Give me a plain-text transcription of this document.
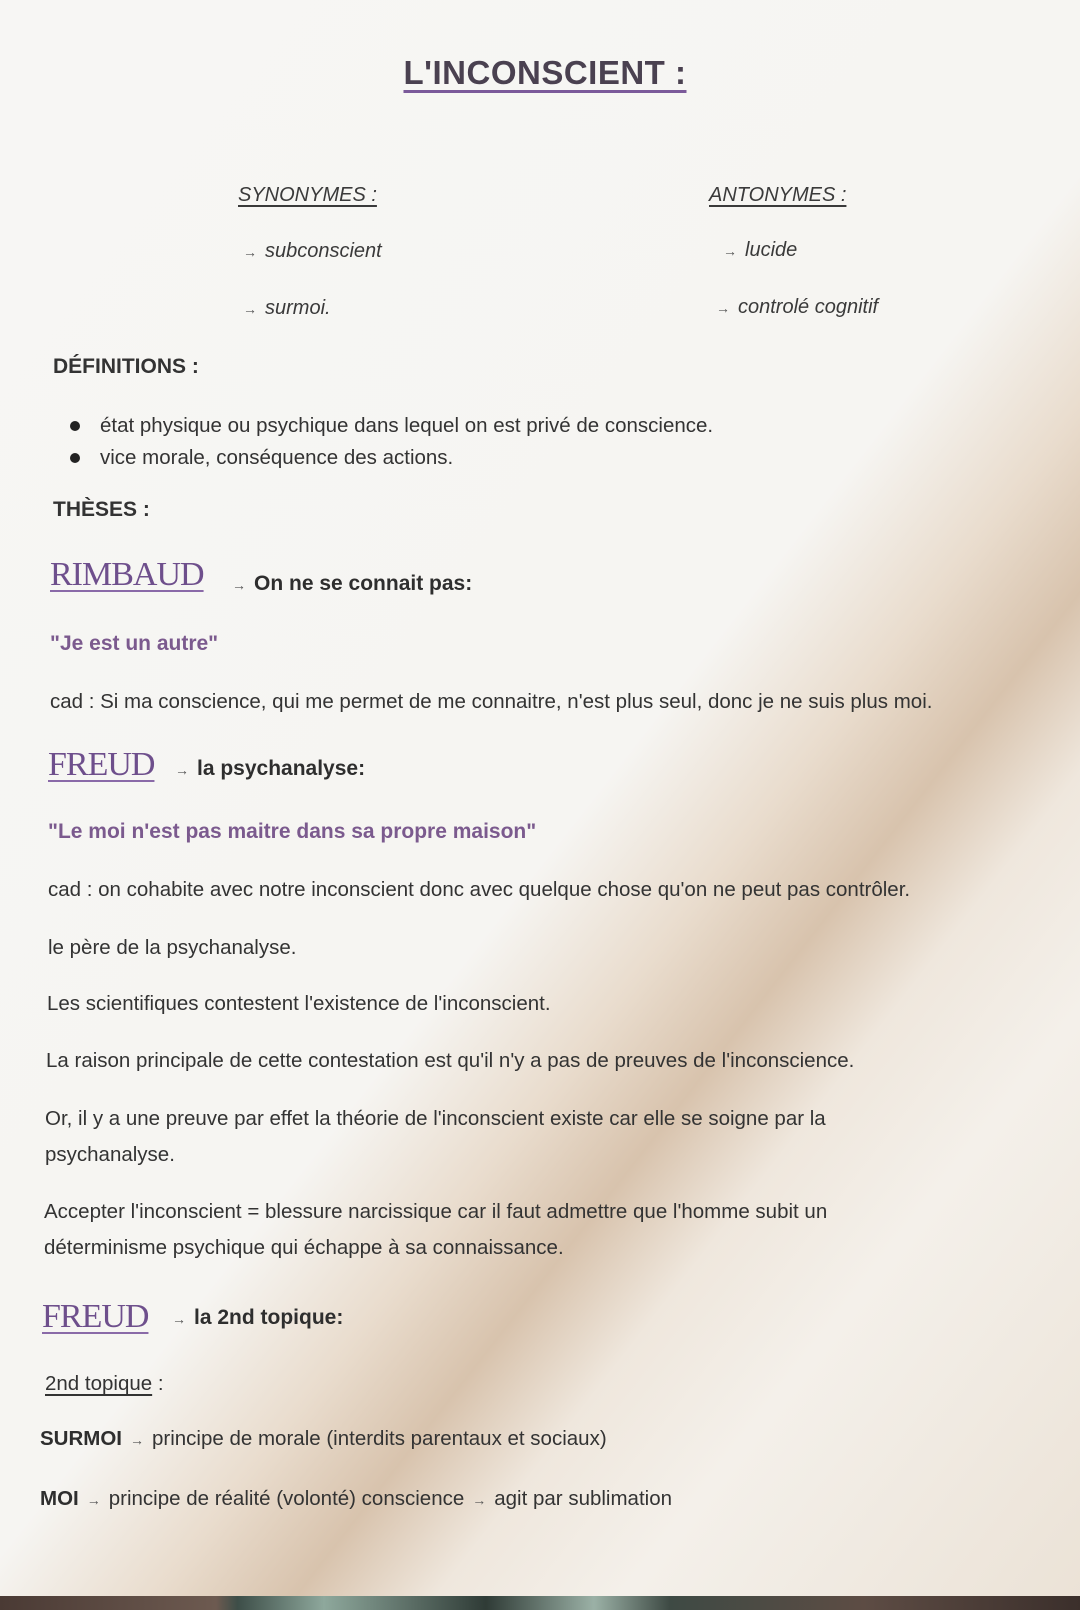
L'INCONSCIENT :
SYNONYMES :
→ subconscient
→ surmoi.
ANTONYMES :
→ lucide
→ controlé cognitif
DÉFINITIONS :
état physique ou psychique dans lequel on est privé de conscience.
vice morale, conséquence des actions.
THÈSES :
RIMBAUD → On ne se connait pas:
"Je est un autre"
cad : Si ma conscience, qui me permet de me connaitre, n'est plus seul, donc je ne suis plus moi.
FREUD → la psychanalyse:
"Le moi n'est pas maitre dans sa propre maison"
cad : on cohabite avec notre inconscient donc avec quelque chose qu'on ne peut pas contrôler.
le père de la psychanalyse.
Les scientifiques contestent l'existence de l'inconscient.
La raison principale de cette contestation est qu'il n'y a pas de preuves de l'inconscience.
Or, il y a une preuve par effet la théorie de l'inconscient existe car elle se soigne par la psychanalyse.
Accepter l'inconscient = blessure narcissique car il faut admettre que l'homme subit un déterminisme psychique qui échappe à sa connaissance.
FREUD → la 2nd topique:
2nd topique :
SURMOI → principe de morale (interdits parentaux et sociaux)
MOI → principe de réalité (volonté) conscience → agit par sublimation
